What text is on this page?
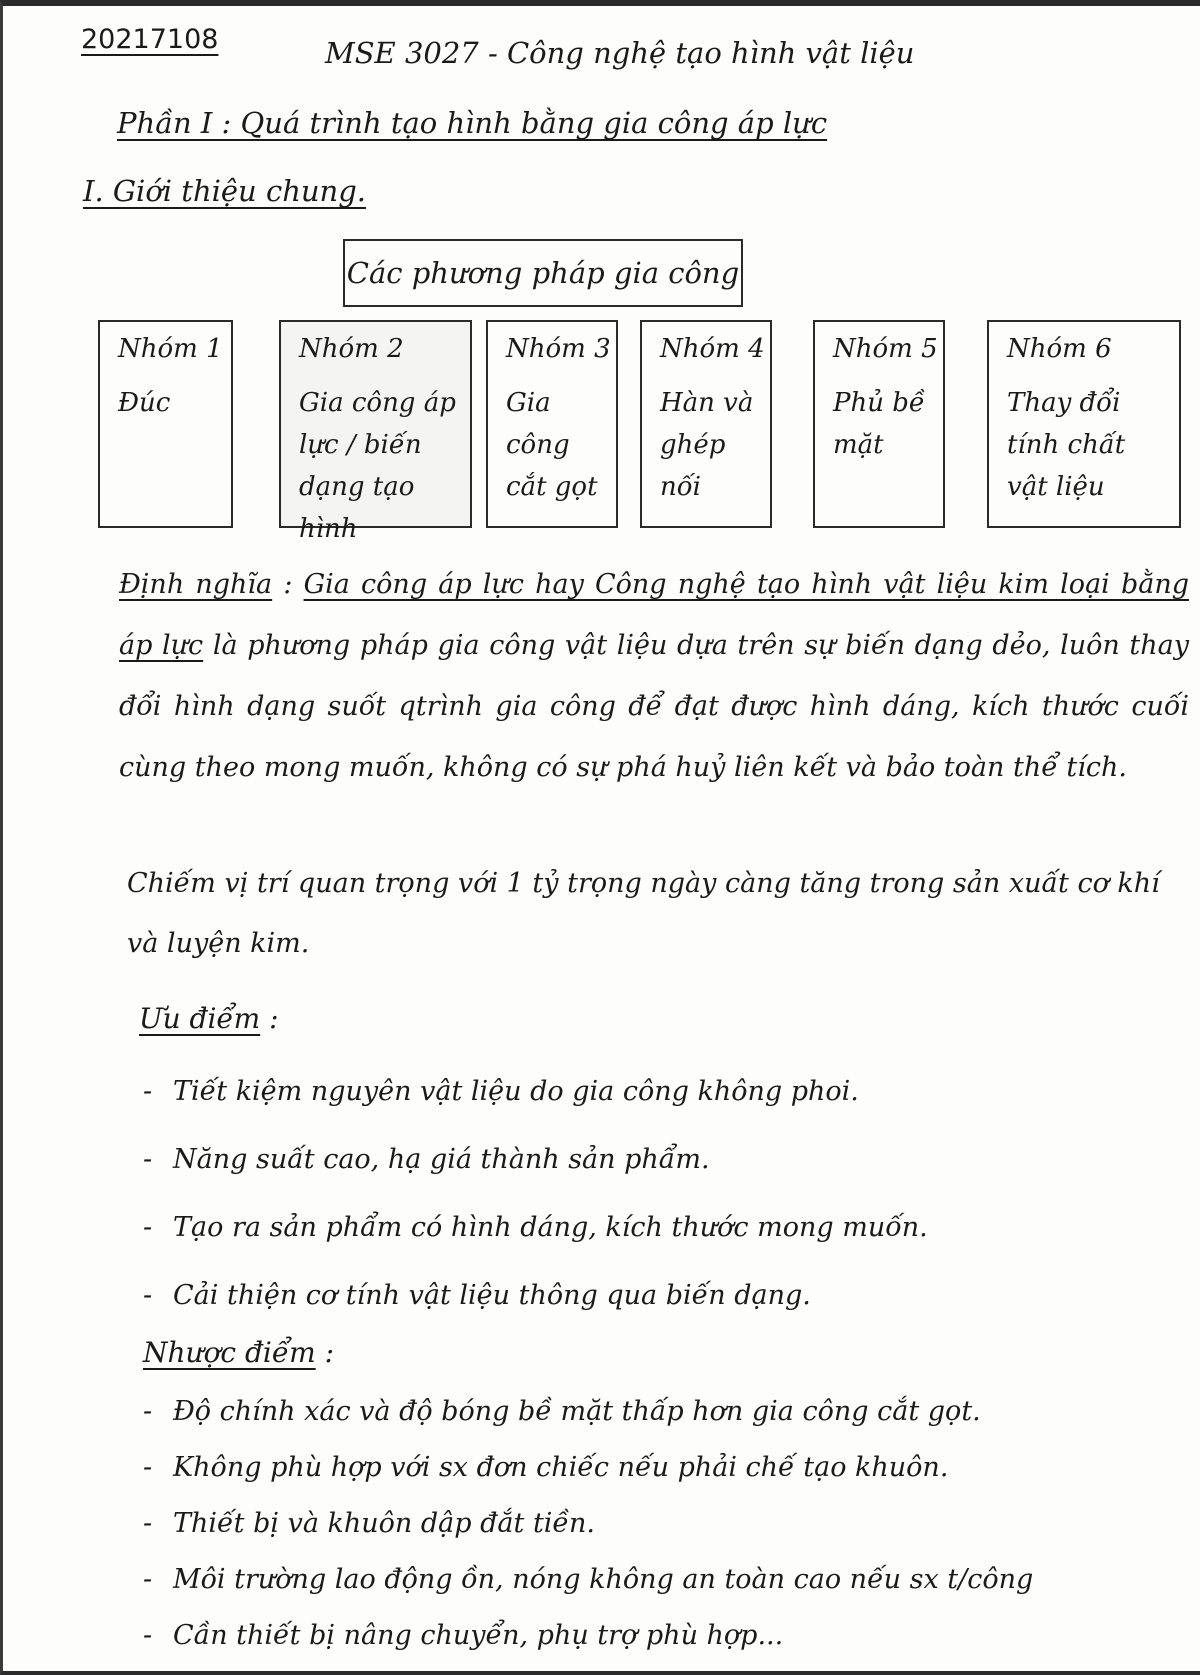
20217108	MSE 3027 - Công nghệ tạo hình vật liệu
Phần I : Quá trình tạo hình bằng gia công áp lực
I. Giới thiệu chung.
Các phương pháp gia công
Nhóm 1
Đúc
Nhóm 2
Gia công áp lực / biến dạng tạo hình
Nhóm 3
Gia công cắt gọt
Nhóm 4
Hàn và ghép nối
Nhóm 5
Phủ bề mặt
Nhóm 6
Thay đổi tính chất vật liệu

Định nghĩa : Gia công áp lực hay Công nghệ tạo hình vật liệu kim loại bằng áp lực là phương pháp gia công vật liệu dựa trên sự biến dạng dẻo, luôn thay đổi hình dạng suốt qtrình gia công để đạt được hình dáng, kích thước cuối cùng theo mong muốn, không có sự phá huỷ liên kết và bảo toàn thể tích.

Chiếm vị trí quan trọng với 1 tỷ trọng ngày càng tăng trong sản xuất cơ khí và luyện kim.

Ưu điểm :
- Tiết kiệm nguyên vật liệu do gia công không phoi.
- Năng suất cao, hạ giá thành sản phẩm.
- Tạo ra sản phẩm có hình dáng, kích thước mong muốn.
- Cải thiện cơ tính vật liệu thông qua biến dạng.
Nhược điểm :
- Độ chính xác và độ bóng bề mặt thấp hơn gia công cắt gọt.
- Không phù hợp với sx đơn chiếc nếu phải chế tạo khuôn.
- Thiết bị và khuôn dập đắt tiền.
- Môi trường lao động ồn, nóng không an toàn cao nếu sx t/công
- Cần thiết bị nâng chuyển, phụ trợ phù hợp...
